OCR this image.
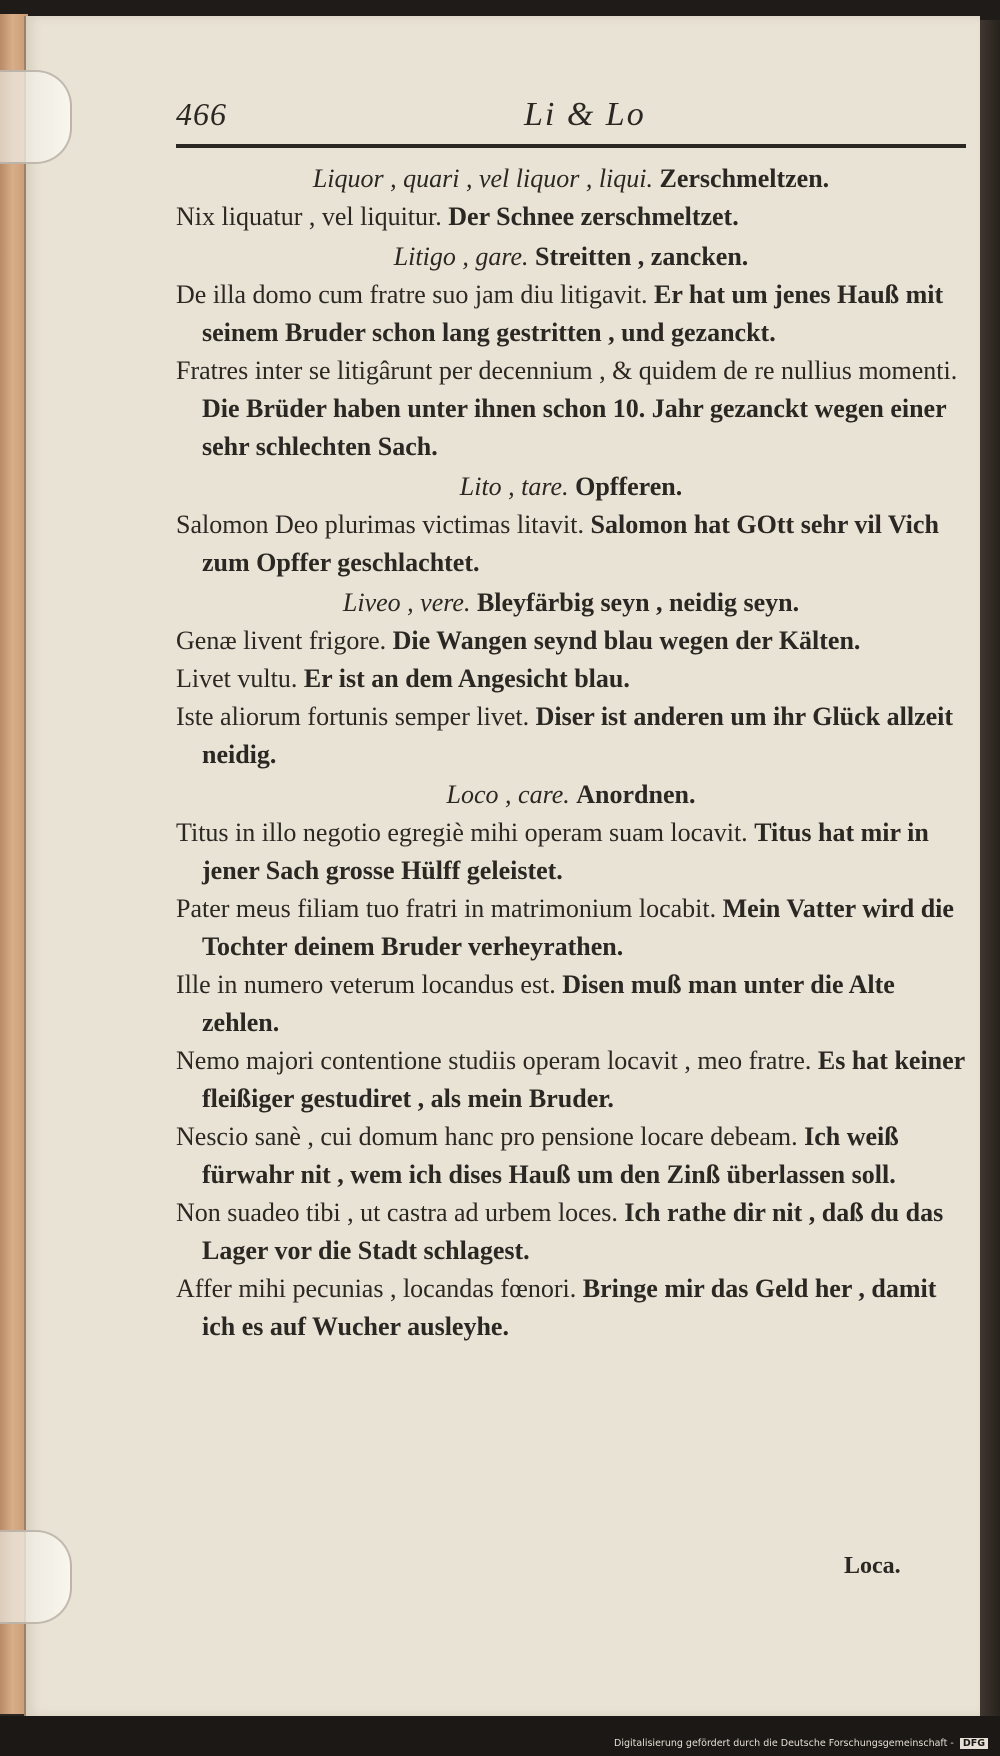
466	Li & Lo

Liquor , quari , vel liquor , liqui. Zerschmeltzen.

Nix liquatur , vel liquitur. Der Schnee zerschmeltzet.

Litigo , gare. Streitten , zancken.

De illa domo cum fratre suo jam diu litigavit. Er hat um jenes Hauß mit seinem Bruder schon lang gestritten , und gezanckt.

Fratres inter se litigârunt per decennium , & quidem de re nullius momenti. Die Brüder haben unter ihnen schon 10. Jahr gezanckt wegen einer sehr schlechten Sach.

Lito , tare. Opfferen.

Salomon Deo plurimas victimas litavit. Salomon hat GOtt sehr vil Vich zum Opffer geschlachtet.

Liveo , vere. Bleyfärbig seyn , neidig seyn.

Genæ livent frigore. Die Wangen seynd blau wegen der Kälten.

Livet vultu. Er ist an dem Angesicht blau.

Iste aliorum fortunis semper livet. Diser ist anderen um ihr Glück allzeit neidig.

Loco , care. Anordnen.

Titus in illo negotio egregiè mihi operam suam locavit. Titus hat mir in jener Sach grosse Hülff geleistet.

Pater meus filiam tuo fratri in matrimonium locabit. Mein Vatter wird die Tochter deinem Bruder verheyrathen.

Ille in numero veterum locandus est. Disen muß man unter die Alte zehlen.

Nemo majori contentione studiis operam locavit , meo fratre. Es hat keiner fleißiger gestudiret , als mein Bruder.

Nescio sanè , cui domum hanc pro pensione locare debeam. Ich weiß fürwahr nit , wem ich dises Hauß um den Zinß überlassen soll.

Non suadeo tibi , ut castra ad urbem loces. Ich rathe dir nit , daß du das Lager vor die Stadt schlagest.

Affer mihi pecunias , locandas fœnori. Bringe mir das Geld her , damit ich es auf Wucher ausleyhe.

Loca.
Digitalisierung gefördert durch die Deutsche Forschungsgemeinschaft - DFG
